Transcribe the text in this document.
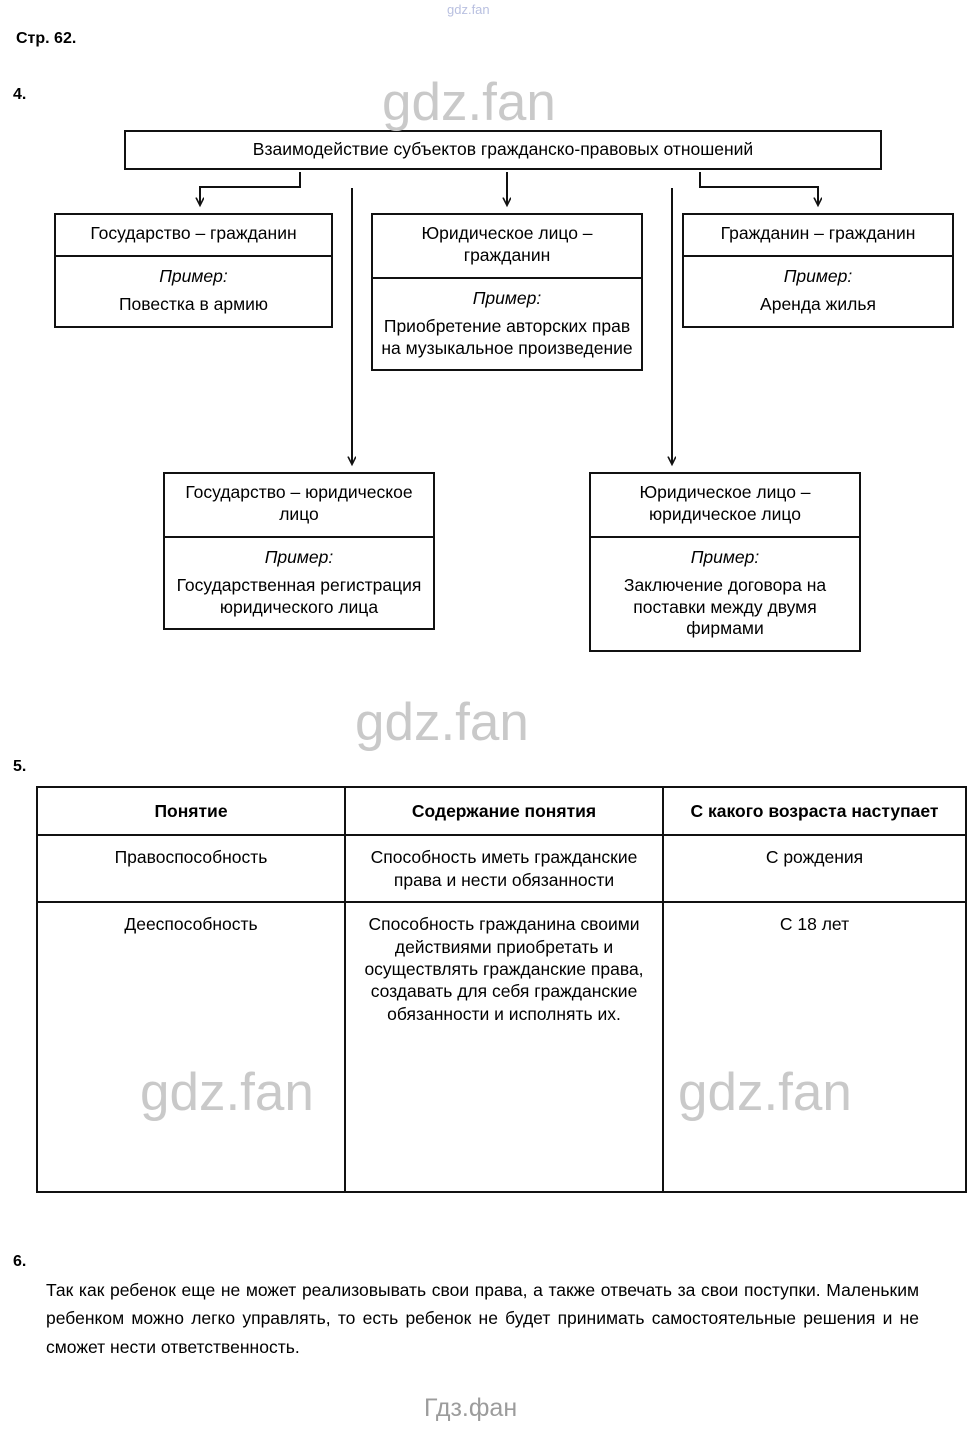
gdz.fan
Стр. 62.
4.
Взаимодействие субъектов гражданско-правовых отношений
Государство – гражданин
Пример:
Повестка в армию
Юридическое лицо – гражданин
Пример:
Приобретение авторских прав на музыкальное произведение
Гражданин – гражданин
Пример:
Аренда жилья
Государство – юридическое лицо
Пример:
Государственная регистрация юридического лица
Юридическое лицо – юридическое лицо
Пример:
Заключение договора на поставки между двумя фирмами
gdz.fan
gdz.fan
5.
Понятие	Содержание понятия	С какого возраста наступает
Правоспособность	Способность иметь гражданские права и нести обязанности	С рождения
Дееспособность	Способность гражданина своими действиями приобретать и осуществлять гражданские права, создавать для себя гражданские обязанности и исполнять их.	С 18 лет
gdz.fan	gdz.fan
6.
Так как ребенок еще не может реализовывать свои права, а также отвечать за свои поступки. Маленьким ребенком можно легко управлять, то есть ребенок не будет принимать самостоятельные решения и не сможет нести ответственность.
Гдз.фан
